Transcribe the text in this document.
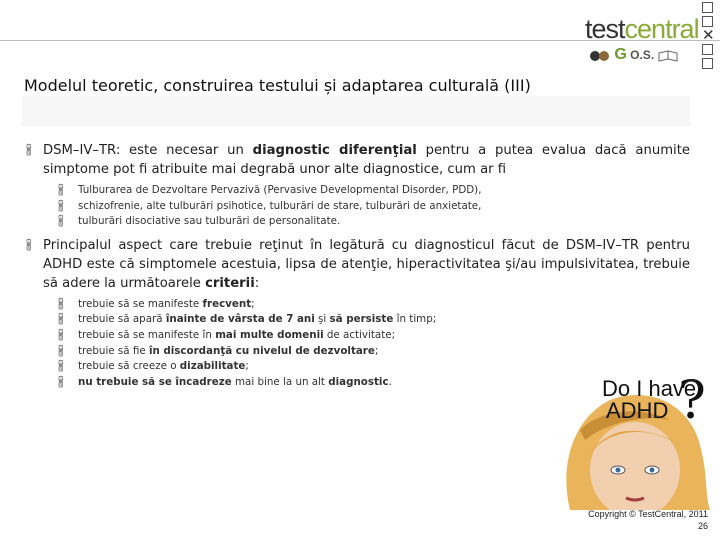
✕
testcentral
G O.S.
Modelul teoretic, construirea testului și adaptarea culturală (III)
🖁 DSM–IV–TR: este necesar un diagnostic diferenţial pentru a putea evalua dacă anumite simptome pot fi atribuite mai degrabă unor alte diagnostice, cum ar fi
🖁 Tulburarea de Dezvoltare Pervazivă (Pervasive Developmental Disorder, PDD),
🖁 schizofrenie, alte tulburări psihotice, tulburări de stare, tulburări de anxietate,
🖁 tulburări disociative sau tulburări de personalitate.
🖁 Principalul aspect care trebuie reţinut în legătură cu diagnosticul făcut de DSM–IV–TR pentru ADHD este că simptomele acestuia, lipsa de atenţie, hiperactivitatea şi/au impulsivitatea, trebuie să adere la următoarele criterii:
🖁 trebuie să se manifeste frecvent;
🖁 trebuie să apară înainte de vârsta de 7 ani şi să persiste în timp;
🖁 trebuie să se manifeste în mai multe domenii de activitate;
🖁 trebuie să fie în discordanţă cu nivelul de dezvoltare;
🖁 trebuie să creeze o dizabilitate;
🖁 nu trebuie să se încadreze mai bine la un alt diagnostic.	Do I have
ADHD ?
Copyright © TestCentral, 2011
26
